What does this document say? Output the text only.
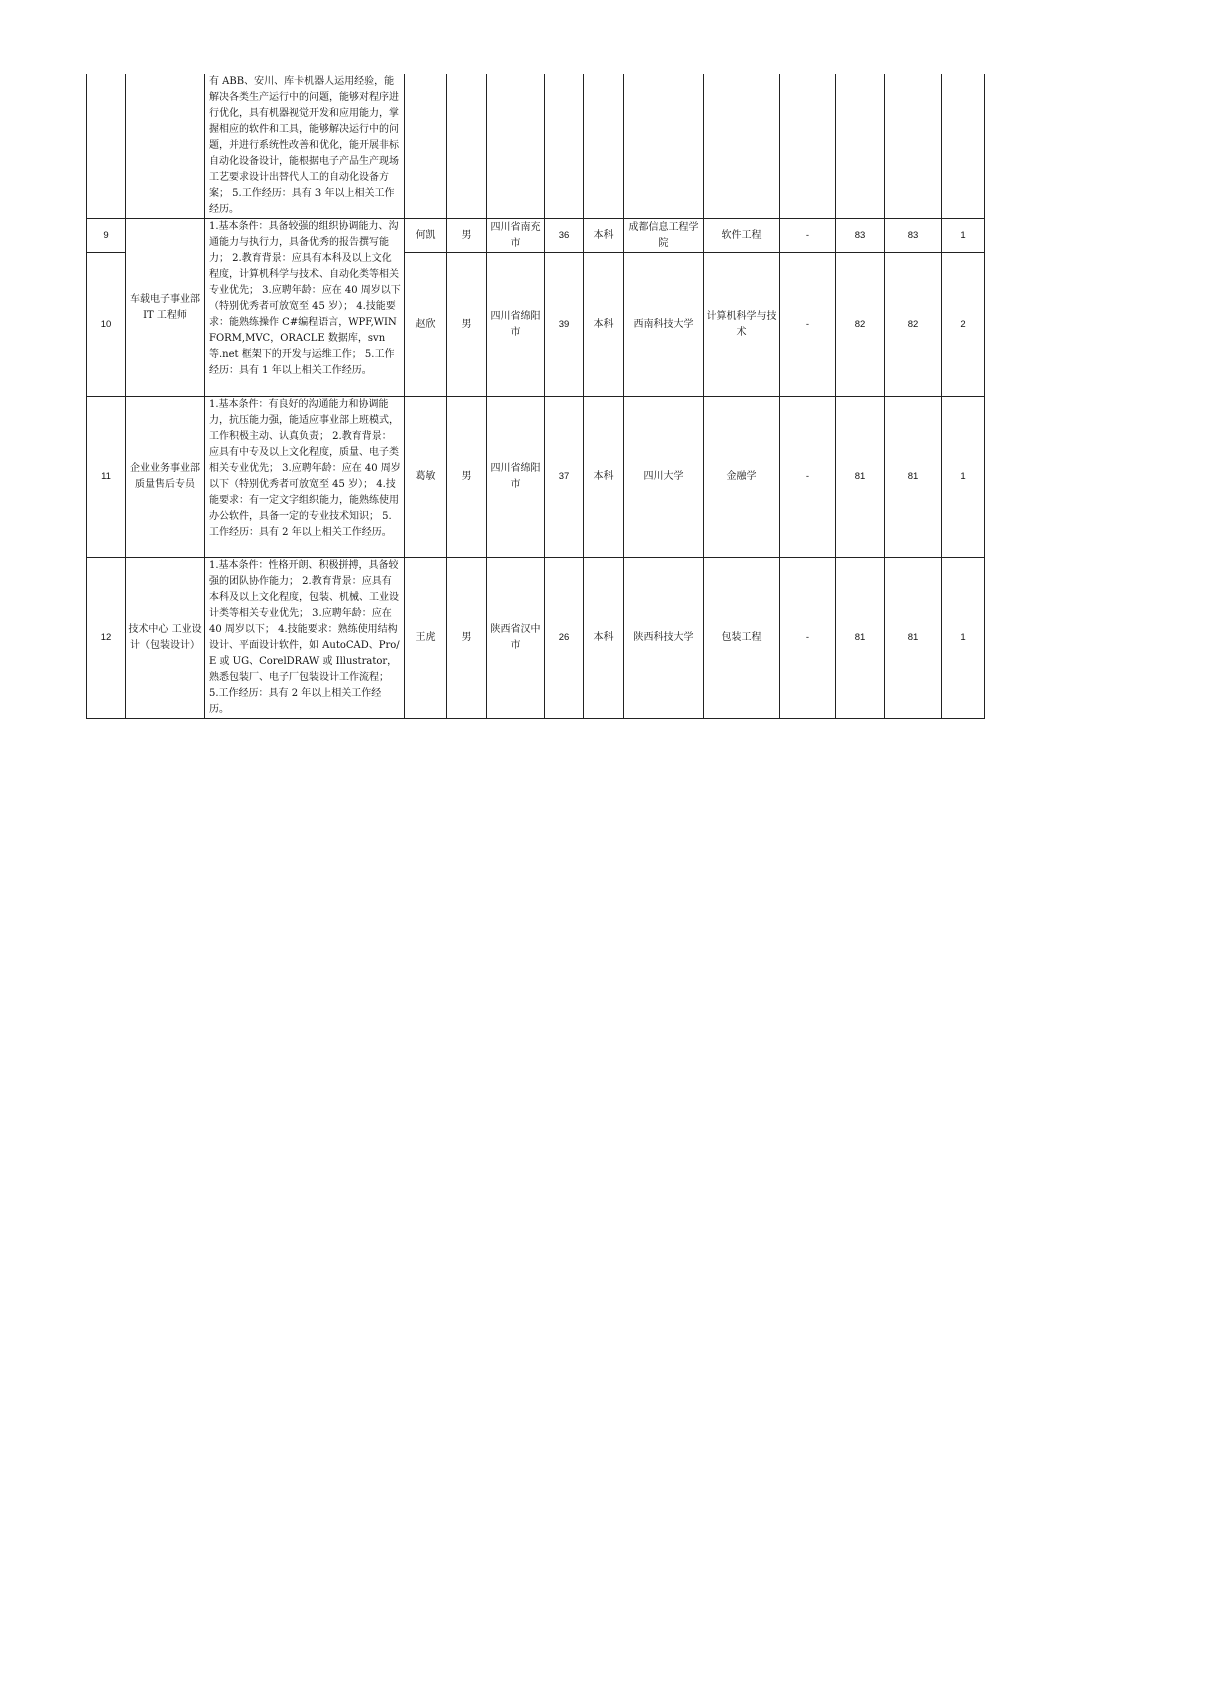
		有 ABB、安川、库卡机器人运用经验，能解决各类生产运行中的问题，能够对程序进行优化，具有机器视觉开发和应用能力，掌握相应的软件和工具，能够解决运行中的问题，并进行系统性改善和优化，能开展非标自动化设备设计，能根据电子产品生产现场工艺要求设计出替代人工的自动化设备方案； 5.工作经历：具有 3 年以上相关工作经历。											
9	车载电子事业部 IT 工程师	1.基本条件：具备较强的组织协调能力、沟通能力与执行力，具备优秀的报告撰写能力； 2.教育背景：应具有本科及以上文化程度，计算机科学与技术、自动化类等相关专业优先； 3.应聘年龄：应在 40 周岁以下（特别优秀者可放宽至 45 岁）； 4.技能要求：能熟练操作 C#编程语言，WPF,WINFORM,MVC，ORACLE 数据库，svn 等.net 框架下的开发与运维工作； 5.工作经历：具有 1 年以上相关工作经历。	何凯	男	四川省南充市	36	本科	成都信息工程学院	软件工程	-	83	83	1
10			赵欣	男	四川省绵阳市	39	本科	西南科技大学	计算机科学与技术	-	82	82	2
11	企业业务事业部 质量售后专员	1.基本条件：有良好的沟通能力和协调能力，抗压能力强，能适应事业部上班模式，工作积极主动、认真负责； 2.教育背景：应具有中专及以上文化程度，质量、电子类相关专业优先； 3.应聘年龄：应在 40 周岁以下（特别优秀者可放宽至 45 岁）； 4.技能要求：有一定文字组织能力，能熟练使用办公软件，具备一定的专业技术知识； 5.工作经历：具有 2 年以上相关工作经历。	葛敏	男	四川省绵阳市	37	本科	四川大学	金融学	-	81	81	1
12	技术中心 工业设计（包装设计）	1.基本条件：性格开朗、积极拼搏，具备较强的团队协作能力； 2.教育背景：应具有本科及以上文化程度，包装、机械、工业设计类等相关专业优先； 3.应聘年龄：应在 40 周岁以下； 4.技能要求：熟练使用结构设计、平面设计软件，如 AutoCAD、Pro/E 或 UG、CorelDRAW 或 Illustrator，熟悉包装厂、电子厂包装设计工作流程； 5.工作经历：具有 2 年以上相关工作经历。	王虎	男	陕西省汉中市	26	本科	陕西科技大学	包装工程	-	81	81	1
